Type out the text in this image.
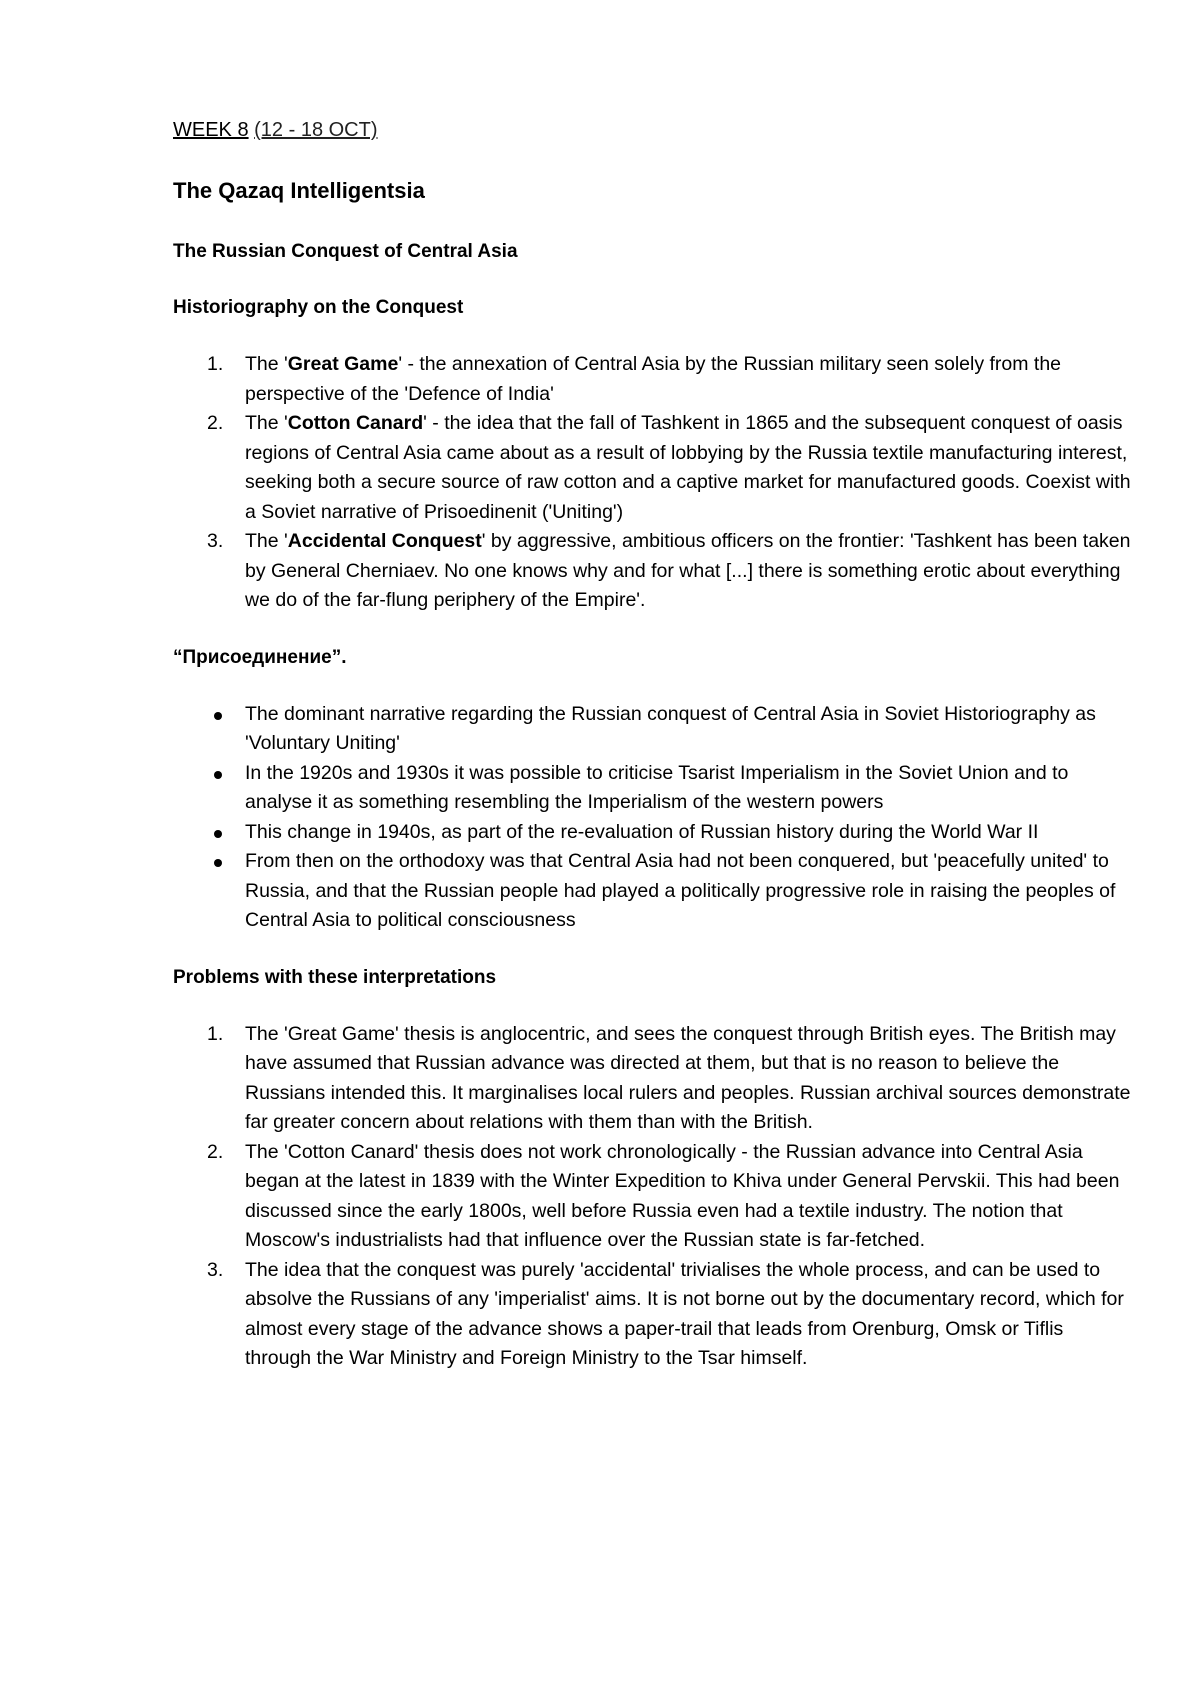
WEEK 8 (12 - 18 OCT)

The Qazaq Intelligentsia

The Russian Conquest of Central Asia

Historiography on the Conquest

1.	The 'Great Game' - the annexation of Central Asia by the Russian military seen solely from the perspective of the 'Defence of India'
2.	The 'Cotton Canard' - the idea that the fall of Tashkent in 1865 and the subsequent conquest of oasis regions of Central Asia came about as a result of lobbying by the Russia textile manufacturing interest, seeking both a secure source of raw cotton and a captive market for manufactured goods. Coexist with a Soviet narrative of Prisoedinenit ('Uniting')
3.	The 'Accidental Conquest' by aggressive, ambitious officers on the frontier: 'Tashkent has been taken by General Cherniaev. No one knows why and for what [...] there is something erotic about everything we do of the far-flung periphery of the Empire'.

“Присоединение”.

The dominant narrative regarding the Russian conquest of Central Asia in Soviet Historiography as 'Voluntary Uniting'
In the 1920s and 1930s it was possible to criticise Tsarist Imperialism in the Soviet Union and to analyse it as something resembling the Imperialism of the western powers
This change in 1940s, as part of the re-evaluation of Russian history during the World War II
From then on the orthodoxy was that Central Asia had not been conquered, but 'peacefully united' to Russia, and that the Russian people had played a politically progressive role in raising the peoples of Central Asia to political consciousness

Problems with these interpretations

1.	The 'Great Game' thesis is anglocentric, and sees the conquest through British eyes. The British may have assumed that Russian advance was directed at them, but that is no reason to believe the Russians intended this. It marginalises local rulers and peoples. Russian archival sources demonstrate far greater concern about relations with them than with the British.
2.	The 'Cotton Canard' thesis does not work chronologically - the Russian advance into Central Asia began at the latest in 1839 with the Winter Expedition to Khiva under General Pervskii. This had been discussed since the early 1800s, well before Russia even had a textile industry. The notion that Moscow's industrialists had that influence over the Russian state is far-fetched.
3.	The idea that the conquest was purely 'accidental' trivialises the whole process, and can be used to absolve the Russians of any 'imperialist' aims. It is not borne out by the documentary record, which for almost every stage of the advance shows a paper-trail that leads from Orenburg, Omsk or Tiflis through the War Ministry and Foreign Ministry to the Tsar himself.
